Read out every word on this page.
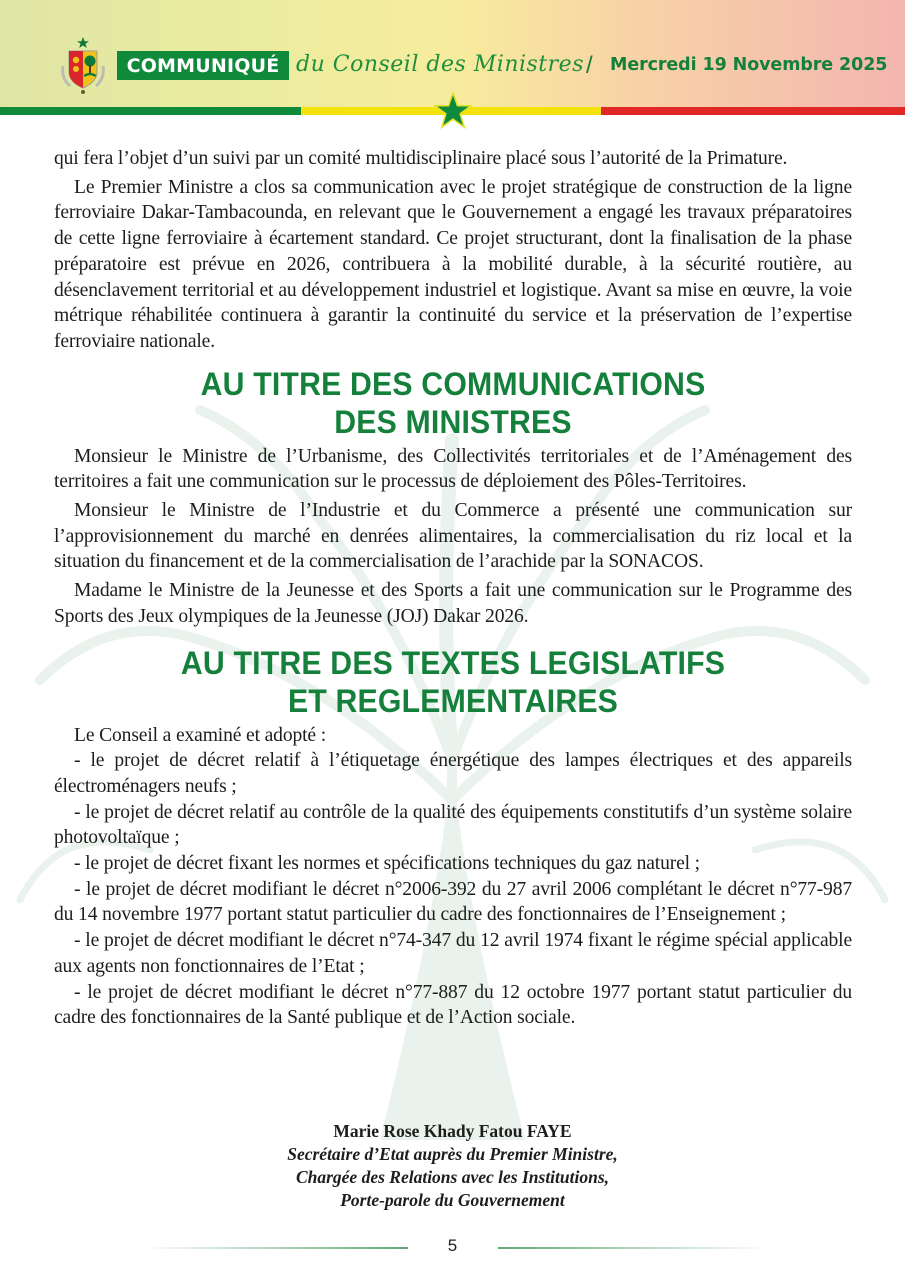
COMMUNIQUÉ du Conseil des Ministres / Mercredi 19 Novembre 2025

qui fera l’objet d’un suivi par un comité multidisciplinaire placé sous l’autorité de la Primature.

Le Premier Ministre a clos sa communication avec le projet stratégique de construction de la ligne ferroviaire Dakar-Tambacounda, en relevant que le Gouvernement a engagé les travaux préparatoires de cette ligne ferroviaire à écartement standard. Ce projet structurant, dont la finalisation de la phase préparatoire est prévue en 2026, contribuera à la mobilité durable, à la sécurité routière, au désenclavement territorial et au développement industriel et logistique. Avant sa mise en œuvre, la voie métrique réhabilitée continuera à garantir la continuité du service et la préservation de l’expertise ferroviaire nationale.

AU TITRE DES COMMUNICATIONS
DES MINISTRES

Monsieur le Ministre de l’Urbanisme, des Collectivités territoriales et de l’Aménagement des territoires a fait une communication sur le processus de déploiement des Pôles-Territoires.

Monsieur le Ministre de l’Industrie et du Commerce a présenté une communication sur l’approvisionnement du marché en denrées alimentaires, la commercialisation du riz local et la situation du financement et de la commercialisation de l’arachide par la SONACOS.

Madame le Ministre de la Jeunesse et des Sports a fait une communication sur le Programme des Sports des Jeux olympiques de la Jeunesse (JOJ) Dakar 2026.

AU TITRE DES TEXTES LEGISLATIFS
ET REGLEMENTAIRES

Le Conseil a examiné et adopté :

- le projet de décret relatif à l’étiquetage énergétique des lampes électriques et des appareils électroménagers neufs ;

- le projet de décret relatif au contrôle de la qualité des équipements constitutifs d’un système solaire photovoltaïque ;

- le projet de décret fixant les normes et spécifications techniques du gaz naturel ;

- le projet de décret modifiant le décret n°2006-392 du 27 avril 2006 complétant le décret n°77-987 du 14 novembre 1977 portant statut particulier du cadre des fonctionnaires de l’Enseignement ;

- le projet de décret modifiant le décret n°74-347 du 12 avril 1974 fixant le régime spécial applicable aux agents non fonctionnaires de l’Etat ;

- le projet de décret modifiant le décret n°77-887 du 12 octobre 1977 portant statut particulier du cadre des fonctionnaires de la Santé publique et de l’Action sociale.

Marie Rose Khady Fatou FAYE
Secrétaire d’Etat auprès du Premier Ministre,
Chargée des Relations avec les Institutions,
Porte-parole du Gouvernement
5
